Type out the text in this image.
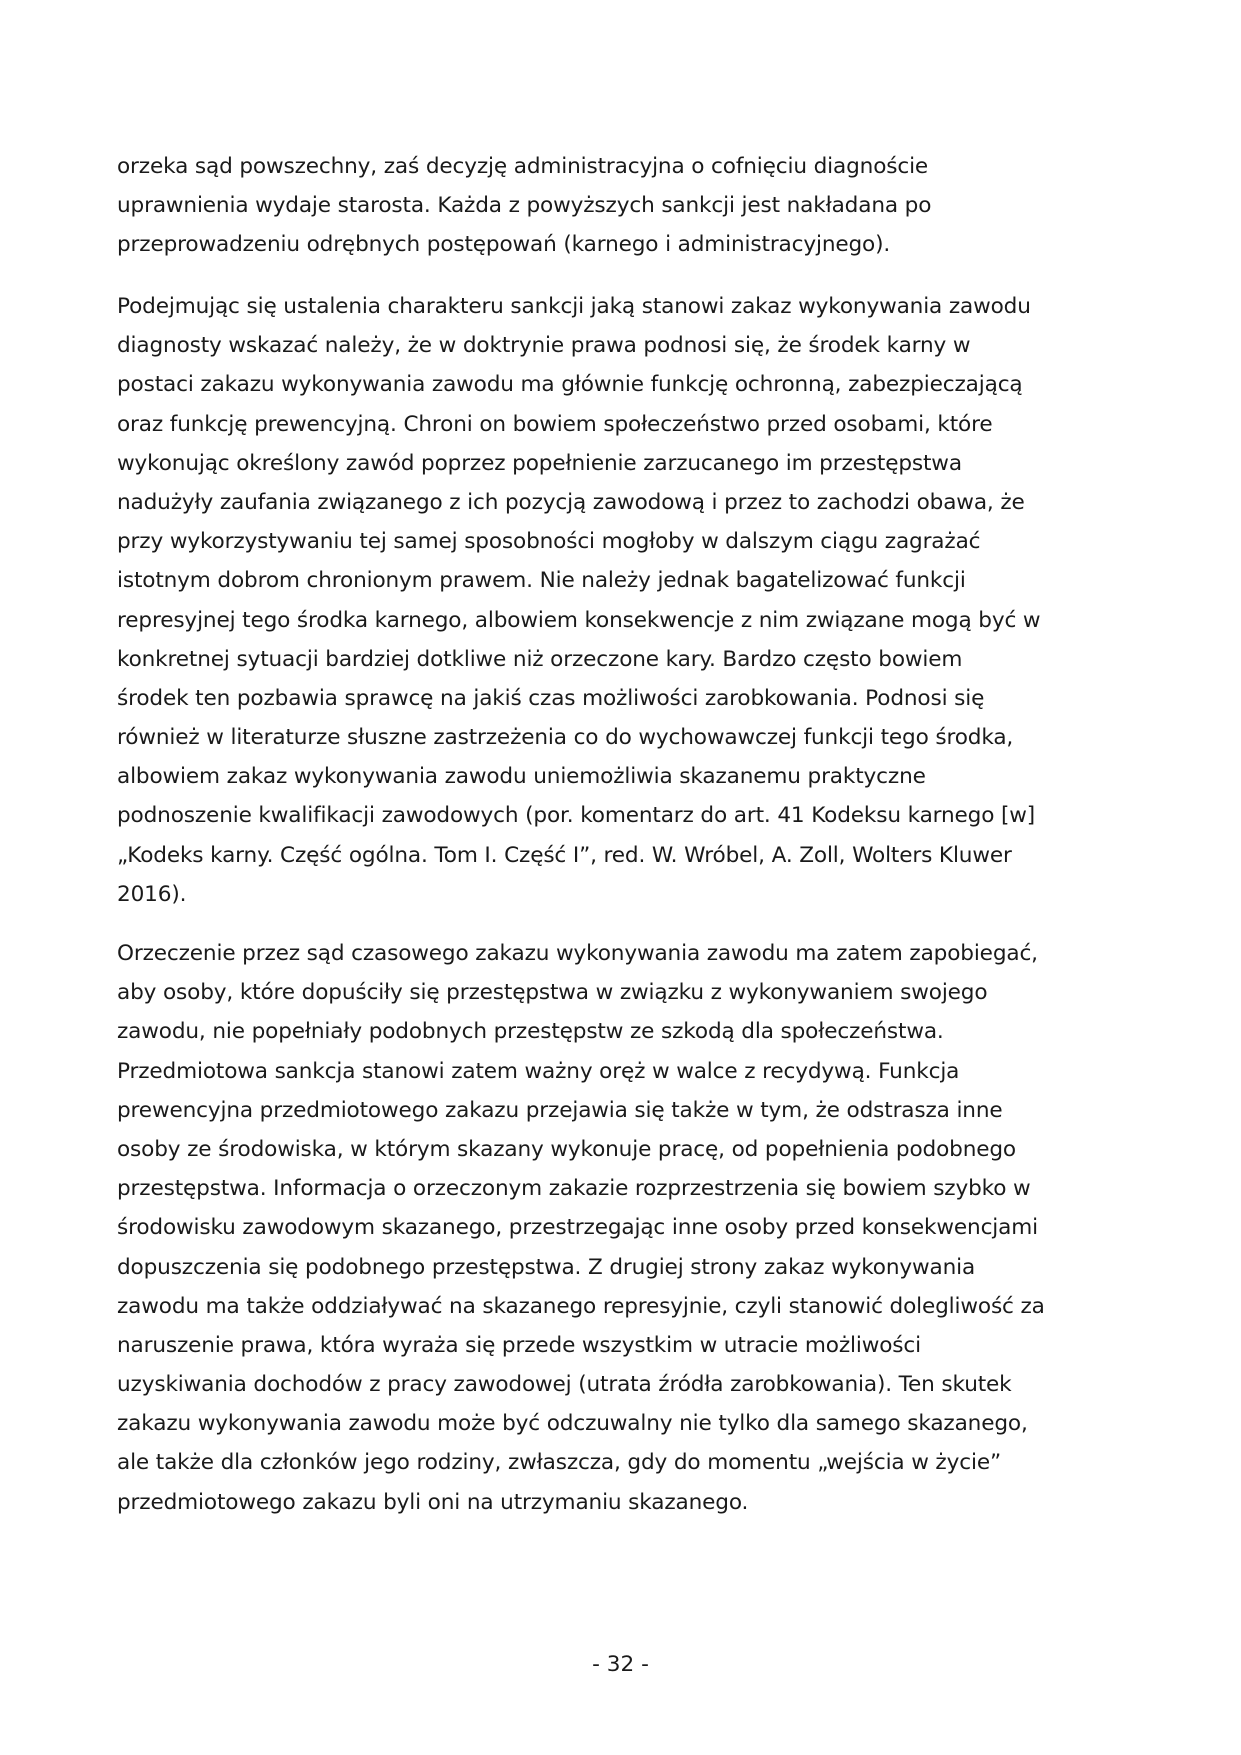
orzeka sąd powszechny, zaś decyzję administracyjna o cofnięciu diagnoście
uprawnienia wydaje starosta. Każda z powyższych sankcji jest nakładana po
przeprowadzeniu odrębnych postępowań (karnego i administracyjnego).

Podejmując się ustalenia charakteru sankcji jaką stanowi zakaz wykonywania zawodu
diagnosty wskazać należy, że w doktrynie prawa podnosi się, że środek karny w
postaci zakazu wykonywania zawodu ma głównie funkcję ochronną, zabezpieczającą
oraz funkcję prewencyjną. Chroni on bowiem społeczeństwo przed osobami, które
wykonując określony zawód poprzez popełnienie zarzucanego im przestępstwa
nadużyły zaufania związanego z ich pozycją zawodową i przez to zachodzi obawa, że
przy wykorzystywaniu tej samej sposobności mogłoby w dalszym ciągu zagrażać
istotnym dobrom chronionym prawem. Nie należy jednak bagatelizować funkcji
represyjnej tego środka karnego, albowiem konsekwencje z nim związane mogą być w
konkretnej sytuacji bardziej dotkliwe niż orzeczone kary. Bardzo często bowiem
środek ten pozbawia sprawcę na jakiś czas możliwości zarobkowania. Podnosi się
również w literaturze słuszne zastrzeżenia co do wychowawczej funkcji tego środka,
albowiem zakaz wykonywania zawodu uniemożliwia skazanemu praktyczne
podnoszenie kwalifikacji zawodowych (por. komentarz do art. 41 Kodeksu karnego [w]
„Kodeks karny. Część ogólna. Tom I. Część I”, red. W. Wróbel, A. Zoll, Wolters Kluwer
2016).

Orzeczenie przez sąd czasowego zakazu wykonywania zawodu ma zatem zapobiegać,
aby osoby, które dopuściły się przestępstwa w związku z wykonywaniem swojego
zawodu, nie popełniały podobnych przestępstw ze szkodą dla społeczeństwa.
Przedmiotowa sankcja stanowi zatem ważny oręż w walce z recydywą. Funkcja
prewencyjna przedmiotowego zakazu przejawia się także w tym, że odstrasza inne
osoby ze środowiska, w którym skazany wykonuje pracę, od popełnienia podobnego
przestępstwa. Informacja o orzeczonym zakazie rozprzestrzenia się bowiem szybko w
środowisku zawodowym skazanego, przestrzegając inne osoby przed konsekwencjami
dopuszczenia się podobnego przestępstwa. Z drugiej strony zakaz wykonywania
zawodu ma także oddziaływać na skazanego represyjnie, czyli stanowić dolegliwość za
naruszenie prawa, która wyraża się przede wszystkim w utracie możliwości
uzyskiwania dochodów z pracy zawodowej (utrata źródła zarobkowania). Ten skutek
zakazu wykonywania zawodu może być odczuwalny nie tylko dla samego skazanego,
ale także dla członków jego rodziny, zwłaszcza, gdy do momentu „wejścia w życie”
przedmiotowego zakazu byli oni na utrzymaniu skazanego.

- 32 -
